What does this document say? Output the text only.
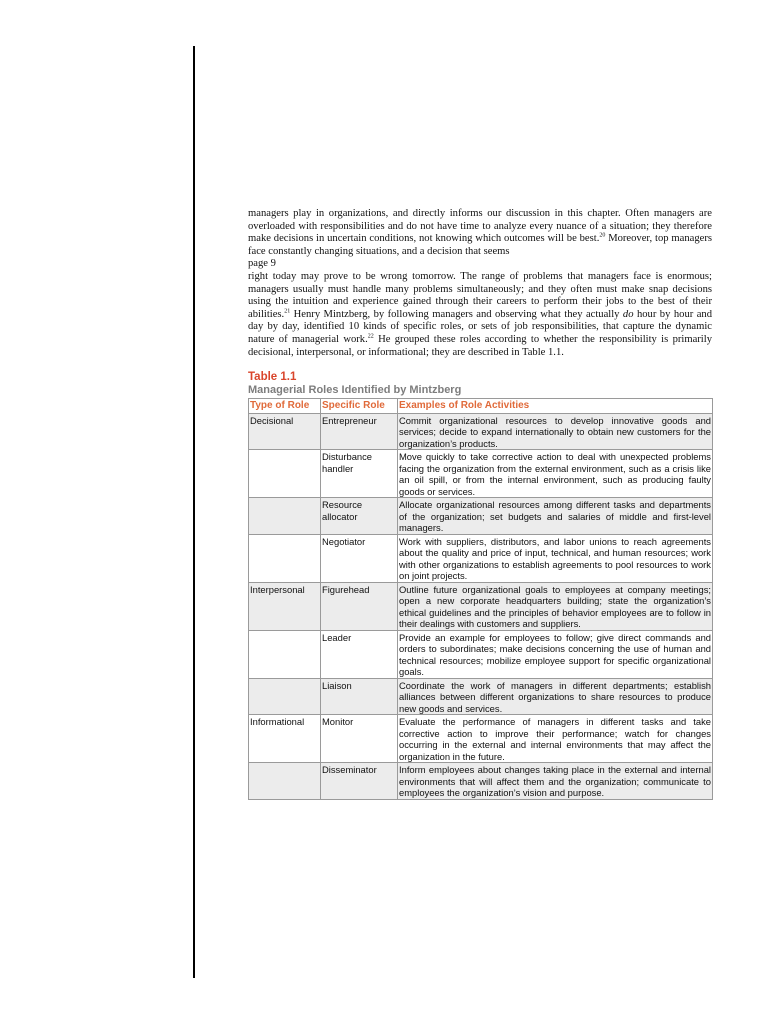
managers play in organizations, and directly informs our discussion in this chapter. Often managers are overloaded with responsibilities and do not have time to analyze every nuance of a situation; they therefore make decisions in uncertain conditions, not knowing which outcomes will be best.$^{20}$ Moreover, top managers face constantly changing situations, and a decision that seems

page 9

right today may prove to be wrong tomorrow. The range of problems that managers face is enormous; managers usually must handle many problems simultaneously; and they often must make snap decisions using the intuition and experience gained through their careers to perform their jobs to the best of their abilities.$^{21}$ Henry Mintzberg, by following managers and observing what they actually do hour by hour and day by day, identified 10 kinds of specific roles, or sets of job responsibilities, that capture the dynamic nature of managerial work.$^{22}$ He grouped these roles according to whether the responsibility is primarily decisional, interpersonal, or informational; they are described in Table 1.1.

Table 1.1
Managerial Roles Identified by Mintzberg
Type of Role	Specific Role	Examples of Role Activities
Decisional	Entrepreneur	Commit organizational resources to develop innovative goods and services; decide to expand internationally to obtain new customers for the organization’s products.
	Disturbance handler	Move quickly to take corrective action to deal with unexpected problems facing the organization from the external environment, such as a crisis like an oil spill, or from the internal environment, such as producing faulty goods or services.
	Resource allocator	Allocate organizational resources among different tasks and departments of the organization; set budgets and salaries of middle and first-level managers.
	Negotiator	Work with suppliers, distributors, and labor unions to reach agreements about the quality and price of input, technical, and human resources; work with other organizations to establish agreements to pool resources to work on joint projects.
Interpersonal	Figurehead	Outline future organizational goals to employees at company meetings; open a new corporate headquarters building; state the organization’s ethical guidelines and the principles of behavior employees are to follow in their dealings with customers and suppliers.
	Leader	Provide an example for employees to follow; give direct commands and orders to subordinates; make decisions concerning the use of human and technical resources; mobilize employee support for specific organizational goals.
	Liaison	Coordinate the work of managers in different departments; establish alliances between different organizations to share resources to produce new goods and services.
Informational	Monitor	Evaluate the performance of managers in different tasks and take corrective action to improve their performance; watch for changes occurring in the external and internal environments that may affect the organization in the future.
	Disseminator	Inform employees about changes taking place in the external and internal environments that will affect them and the organization; communicate to employees the organization’s vision and purpose.
